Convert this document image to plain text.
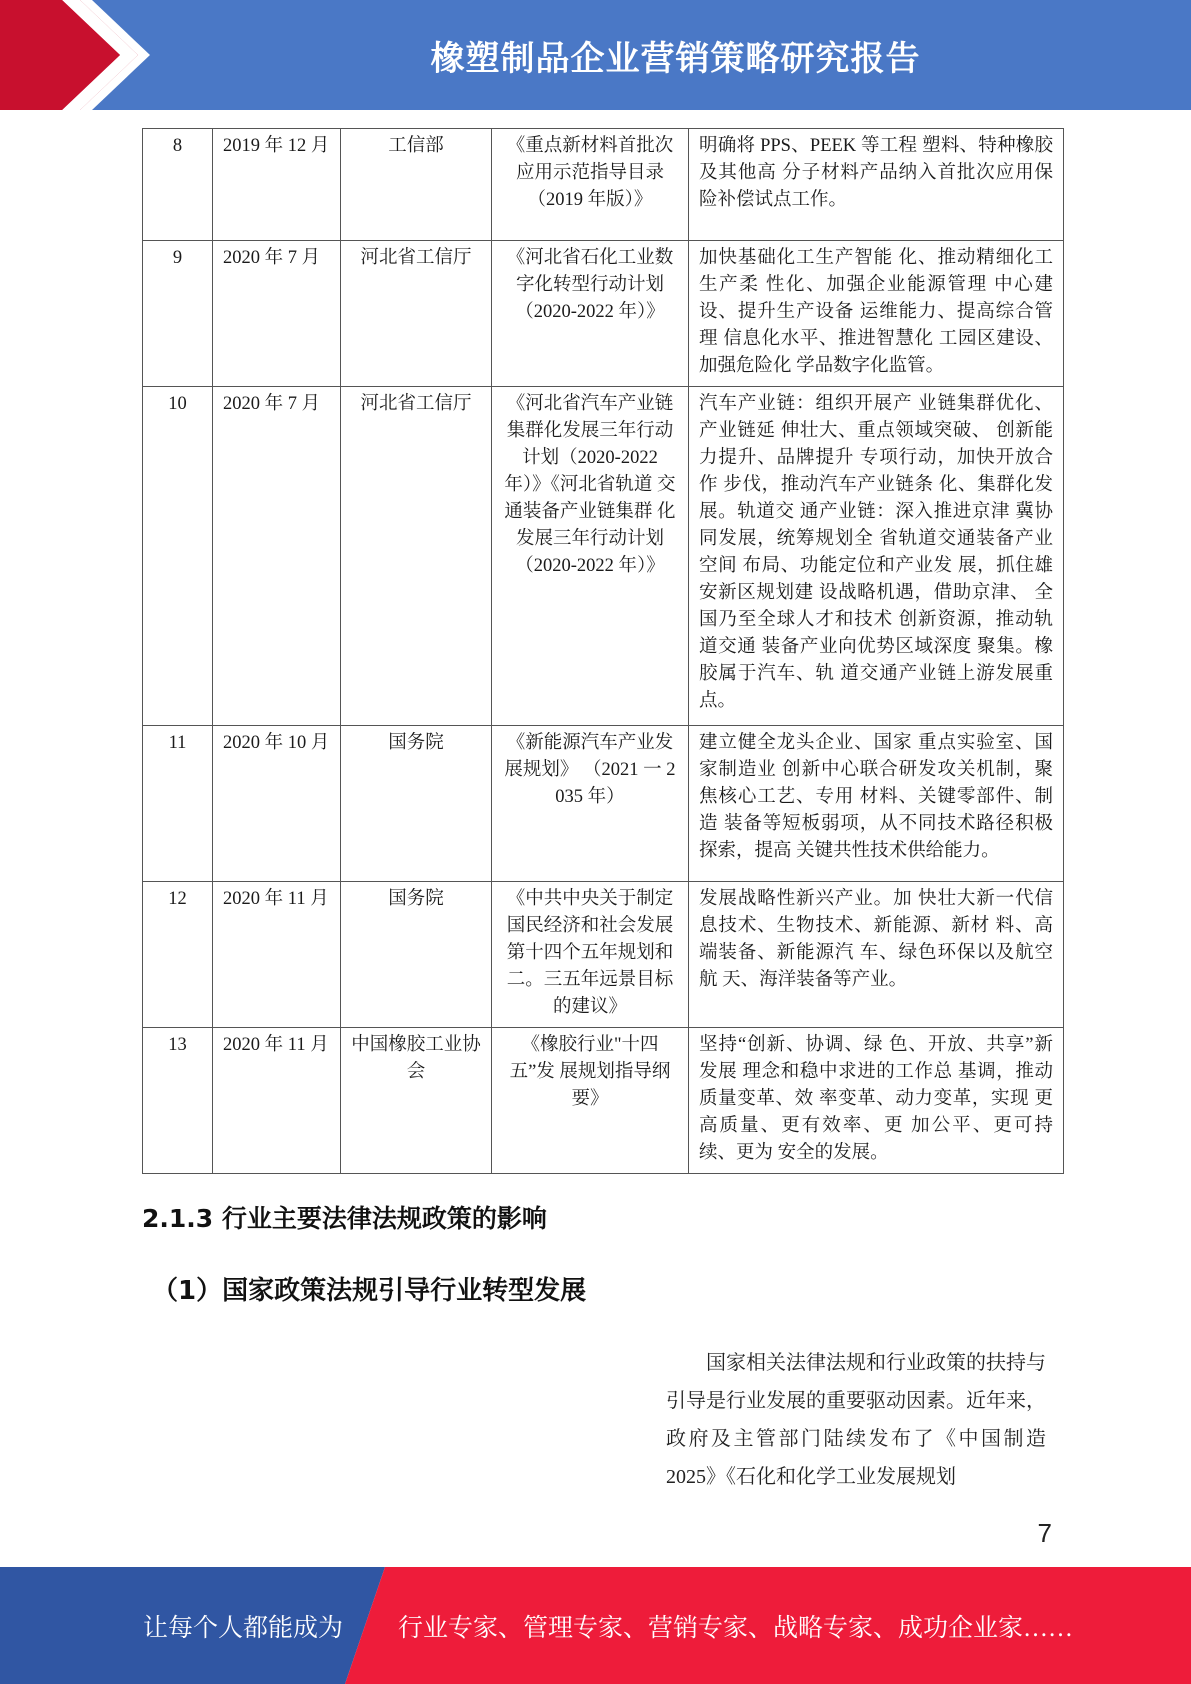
橡塑制品企业营销策略研究报告
8	2019 年 12 月	工信部	《重点新材料首批次 应用示范指导目录 （2019 年版）》	明确将 PPS、PEEK 等工程 塑料、特种橡胶及其他高 分子材料产品纳入首批次应用保险补偿试点工作。
9	2020 年 7 月	河北省工信厅	《河北省石化工业数 字化转型行动计划 （2020-2022 年）》	加快基础化工生产智能 化、推动精细化工生产柔 性化、加强企业能源管理 中心建设、提升生产设备 运维能力、提高综合管理 信息化水平、推进智慧化 工园区建设、加强危险化 学品数字化监管。
10	2020 年 7 月	河北省工信厅	《河北省汽车产业链 集群化发展三年行动 计划（2020-2022 年）》《河北省轨道 交通装备产业链集群 化发展三年行动计划 （2020-2022 年）》	汽车产业链：组织开展产 业链集群优化、产业链延 伸壮大、重点领域突破、 创新能力提升、品牌提升 专项行动，加快开放合作 步伐，推动汽车产业链条 化、集群化发展。轨道交 通产业链：深入推进京津 冀协同发展，统筹规划全 省轨道交通装备产业空间 布局、功能定位和产业发 展，抓住雄安新区规划建 设战略机遇，借助京津、 全国乃至全球人才和技术 创新资源，推动轨道交通 装备产业向优势区域深度 聚集。橡胶属于汽车、轨 道交通产业链上游发展重 点。
11	2020 年 10 月	国务院	《新能源汽车产业发 展规划》 （2021 一 2035 年）	建立健全龙头企业、国家 重点实验室、国家制造业 创新中心联合研发攻关机制，聚焦核心工艺、专用 材料、关键零部件、制造 装备等短板弱项，从不同技术路径积极探索，提高 关键共性技术供给能力。
12	2020 年 11 月	国务院	《中共中央关于制定 国民经济和社会发展第十四个五年规划和 二。三五年远景目标 的建议》	发展战略性新兴产业。加 快壮大新一代信息技术、生物技术、新能源、新材 料、高端装备、新能源汽 车、绿色环保以及航空航 天、海洋装备等产业。
13	2020 年 11 月	中国橡胶工业协 会	《橡胶行业"十四五”发 展规划指导纲要》	坚持“创新、协调、绿 色、开放、共享”新发展 理念和稳中求进的工作总 基调，推动质量变革、效 率变革、动力变革，实现 更高质量、更有效率、更 加公平、更可持续、更为 安全的发展。
2.1.3 行业主要法律法规政策的影响
（1）国家政策法规引导行业转型发展
国家相关法律法规和行业政策的扶持与引导是行业发展的重要驱动因素。近年来，政府及主管部门陆续发布了《中国制造 2025》《石化和化学工业发展规划
7
让每个人都能成为 行业专家、管理专家、营销专家、战略专家、成功企业家……
